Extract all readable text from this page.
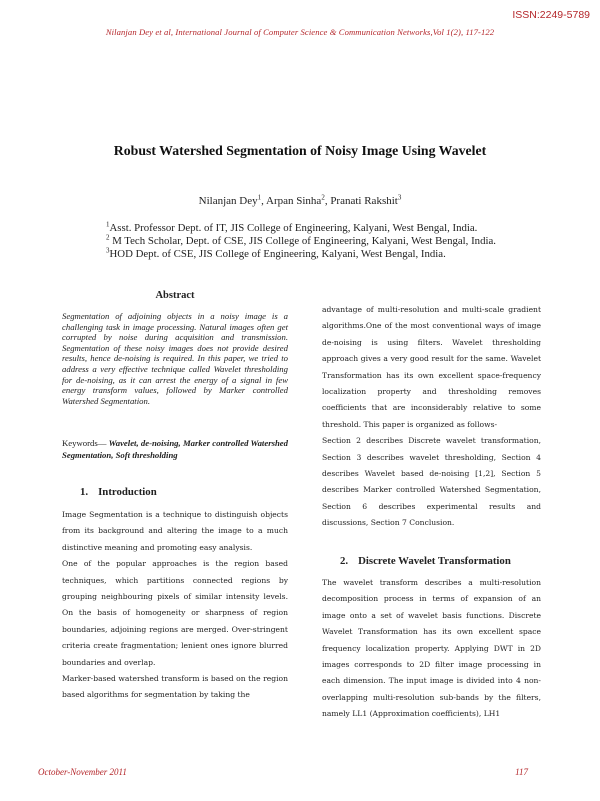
ISSN:2249-5789
Nilanjan Dey et al, International Journal of Computer Science & Communication Networks,Vol 1(2), 117-122
Robust Watershed Segmentation of Noisy Image Using Wavelet
Nilanjan Dey$^1$, Arpan Sinha$^2$, Pranati Rakshit$^3$
$^1$Asst. Professor Dept. of IT, JIS College of Engineering, Kalyani, West Bengal, India.
$^2$ M Tech Scholar, Dept. of CSE, JIS College of Engineering, Kalyani, West Bengal, India.
$^3$HOD Dept. of CSE, JIS College of Engineering, Kalyani, West Bengal, India.
Abstract
Segmentation of adjoining objects in a noisy image is a challenging task in image processing. Natural images often get corrupted by noise during acquisition and transmission. Segmentation of these noisy images does not provide desired results, hence de-noising is required. In this paper, we tried to address a very effective technique called Wavelet thresholding for de-noising, as it can arrest the energy of a signal in few energy transform values, followed by Marker controlled Watershed Segmentation.
Keywords— Wavelet, de-noising, Marker controlled Watershed Segmentation, Soft thresholding
1. Introduction

Image Segmentation is a technique to distinguish objects from its background and altering the image to a much distinctive meaning and promoting easy analysis.

One of the popular approaches is the region based techniques, which partitions connected regions by grouping neighbouring pixels of similar intensity levels. On the basis of homogeneity or sharpness of region boundaries, adjoining regions are merged. Over-stringent criteria create fragmentation; lenient ones ignore blurred boundaries and overlap.

Marker-based watershed transform is based on the region based algorithms for segmentation by taking the

advantage of multi-resolution and multi-scale gradient algorithms.One of the most conventional ways of image de-noising is using filters. Wavelet thresholding approach gives a very good result for the same. Wavelet Transformation has its own excellent space-frequency localization property and thresholding removes coefficients that are inconsiderably relative to some threshold. This paper is organized as follows-

Section 2 describes Discrete wavelet transformation, Section 3 describes wavelet thresholding, Section 4 describes Wavelet based de-noising [1,2], Section 5 describes Marker controlled Watershed Segmentation, Section 6 describes experimental results and discussions, Section 7 Conclusion.

2. Discrete Wavelet Transformation

The wavelet transform describes a multi-resolution decomposition process in terms of expansion of an image onto a set of wavelet basis functions. Discrete Wavelet Transformation has its own excellent space frequency localization property. Applying DWT in 2D images corresponds to 2D filter image processing in each dimension. The input image is divided into 4 non-overlapping multi-resolution sub-bands by the filters, namely LL1 (Approximation coefficients), LH1

October-November 2011	117
